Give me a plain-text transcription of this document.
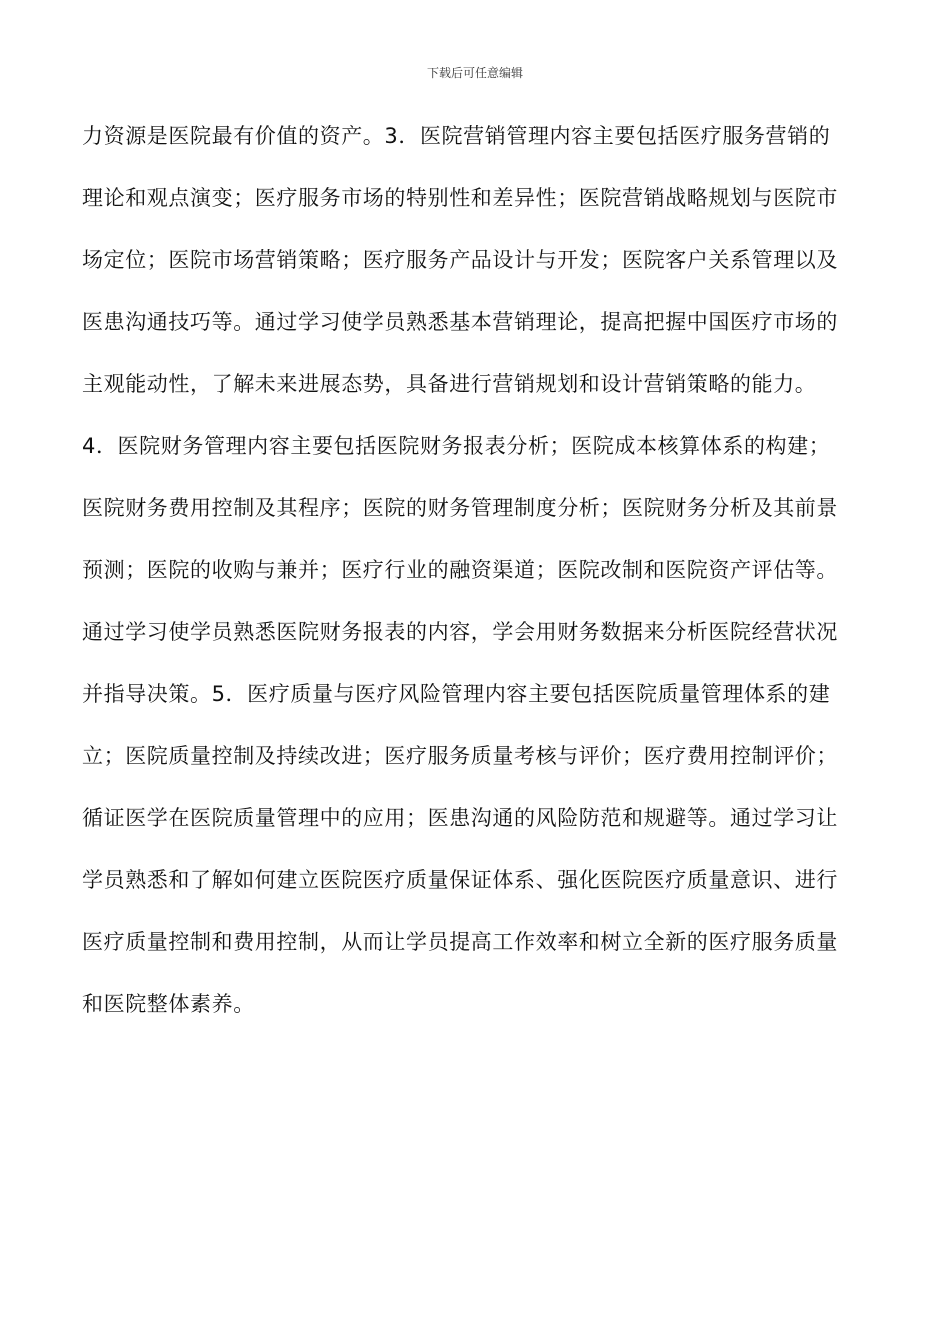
下载后可任意编辑
力资源是医院最有价值的资产。3．医院营销管理内容主要包括医疗服务营销的
理论和观点演变；医疗服务市场的特别性和差异性；医院营销战略规划与医院市
场定位；医院市场营销策略；医疗服务产品设计与开发；医院客户关系管理以及
医患沟通技巧等。通过学习使学员熟悉基本营销理论，提高把握中国医疗市场的
主观能动性，了解未来进展态势，具备进行营销规划和设计营销策略的能力。
4．医院财务管理内容主要包括医院财务报表分析；医院成本核算体系的构建；
医院财务费用控制及其程序；医院的财务管理制度分析；医院财务分析及其前景
预测；医院的收购与兼并；医疗行业的融资渠道；医院改制和医院资产评估等。
通过学习使学员熟悉医院财务报表的内容，学会用财务数据来分析医院经营状况
并指导决策。5．医疗质量与医疗风险管理内容主要包括医院质量管理体系的建
立；医院质量控制及持续改进；医疗服务质量考核与评价；医疗费用控制评价；
循证医学在医院质量管理中的应用；医患沟通的风险防范和规避等。通过学习让
学员熟悉和了解如何建立医院医疗质量保证体系、强化医院医疗质量意识、进行
医疗质量控制和费用控制，从而让学员提高工作效率和树立全新的医疗服务质量
和医院整体素养。
